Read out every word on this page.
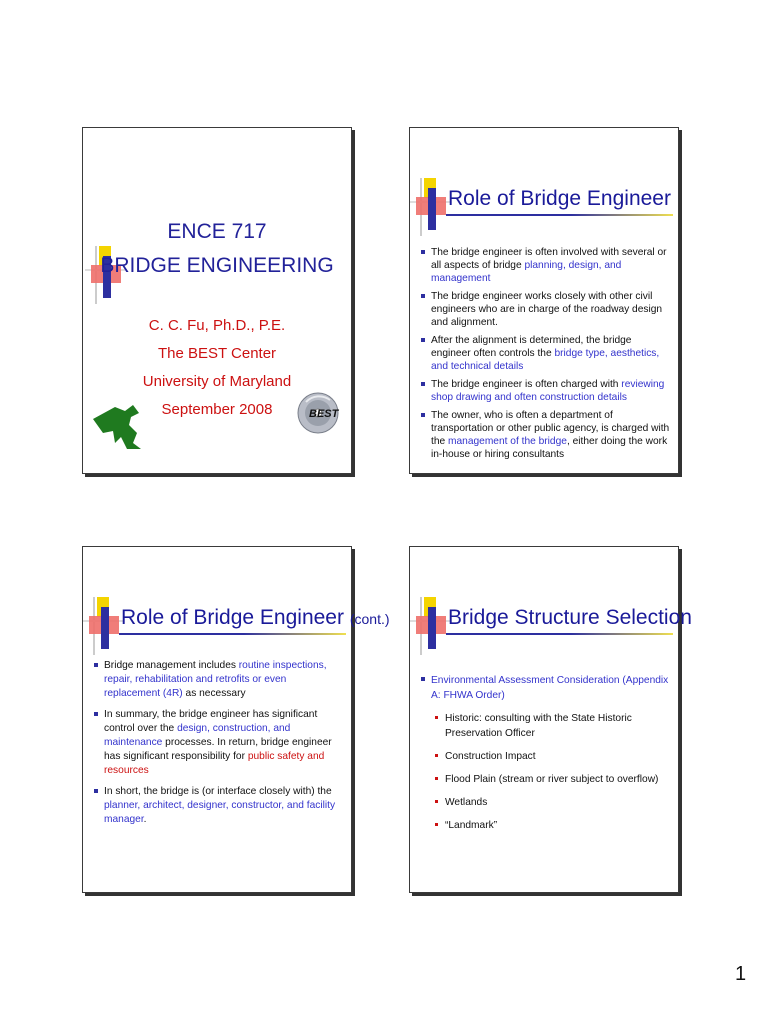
ENCE 717
BRIDGE ENGINEERING
C. C. Fu, Ph.D., P.E.
The BEST Center
University of Maryland
September 2008	BEST
Role of Bridge Engineer
The bridge engineer is often involved with several or all aspects of bridge planning, design, and management
The bridge engineer works closely with other civil engineers who are in charge of the roadway design and alignment.
After the alignment is determined, the bridge engineer often controls the bridge type, aesthetics, and technical details
The bridge engineer is often charged with reviewing shop drawing and often construction details
The owner, who is often a department of transportation or other public agency, is charged with the management of the bridge, either doing the work in-house or hiring consultants
Role of Bridge Engineer (cont.)
Bridge management includes routine inspections, repair, rehabilitation and retrofits or even replacement (4R) as necessary
In summary, the bridge engineer has significant control over the design, construction, and maintenance processes. In return, bridge engineer has significant responsibility for public safety and resources
In short, the bridge is (or interface closely with) the planner, architect, designer, constructor, and facility manager.
Bridge Structure Selection
Environmental Assessment Consideration (Appendix A: FHWA Order)
Historic: consulting with the State Historic Preservation Officer
Construction Impact
Flood Plain (stream or river subject to overflow)
Wetlands
“Landmark”
1
